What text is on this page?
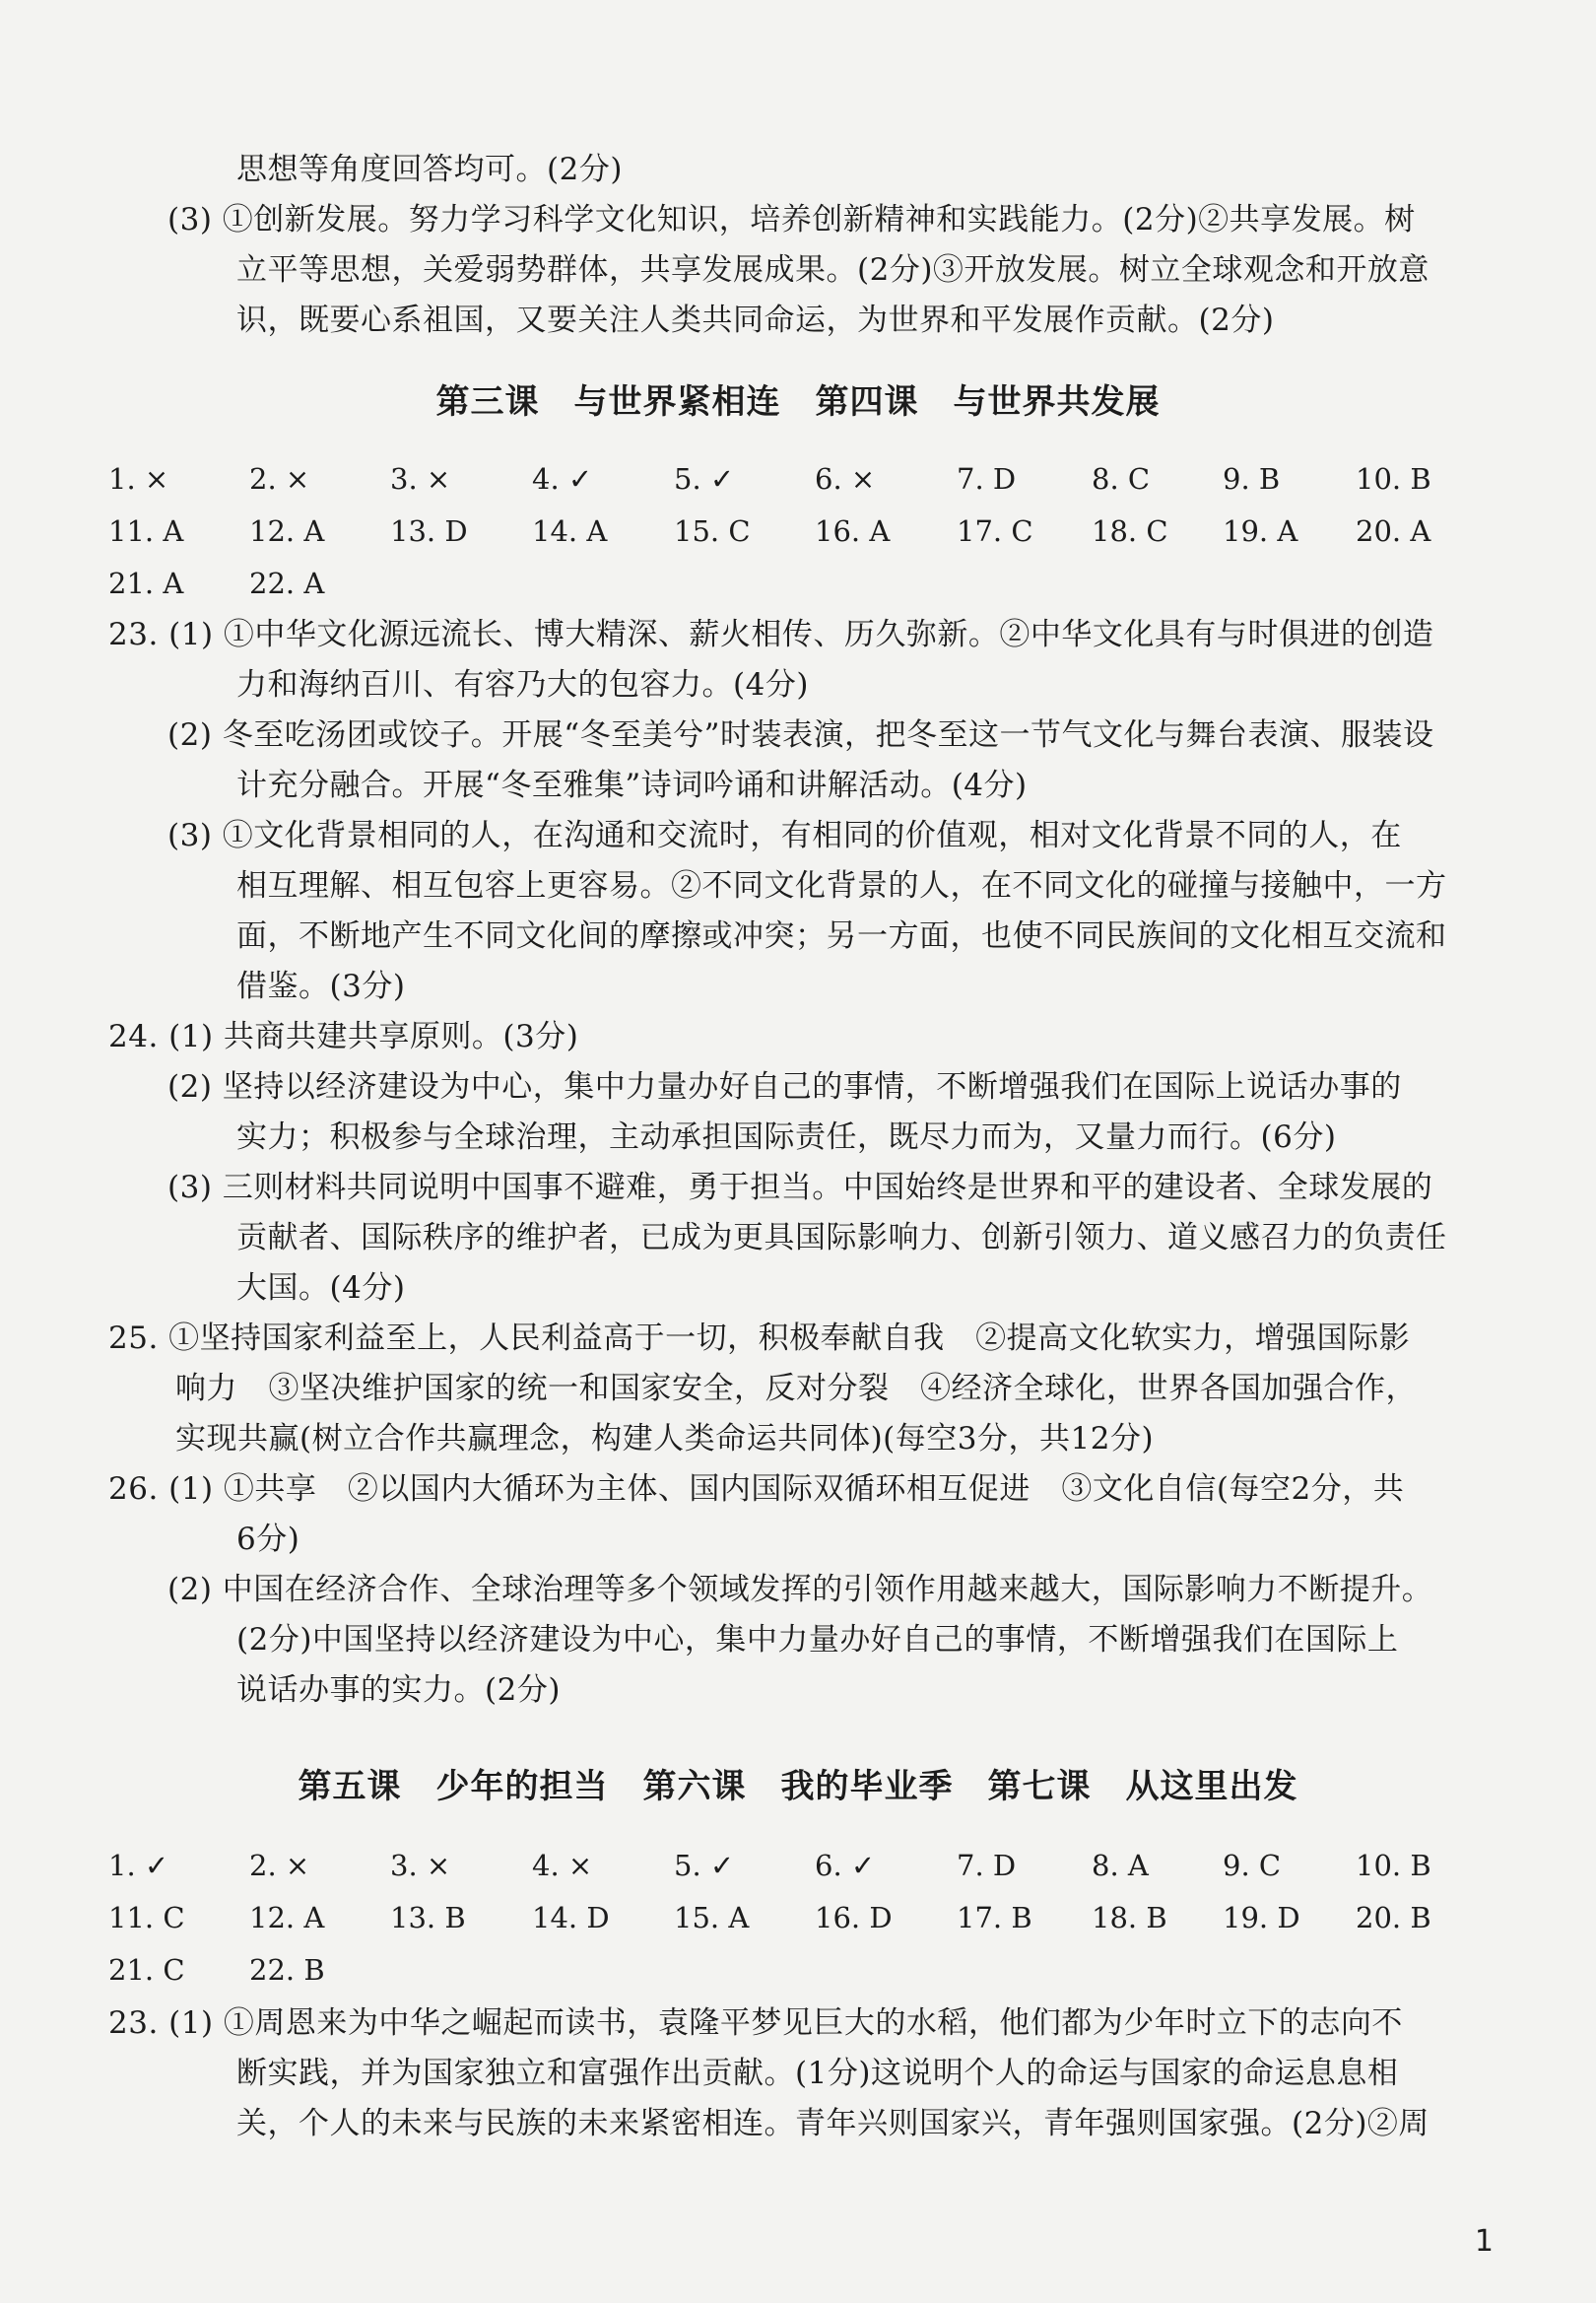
思想等角度回答均可。(2分)
(3) ①创新发展。努力学习科学文化知识，培养创新精神和实践能力。(2分)②共享发展。树
立平等思想，关爱弱势群体，共享发展成果。(2分)③开放发展。树立全球观念和开放意
识，既要心系祖国，又要关注人类共同命运，为世界和平发展作贡献。(2分)
第三课　与世界紧相连　第四课　与世界共发展
1. ×	2. ×	3. ×	4. ✓	5. ✓	6. ×	7. D	8. C	9. B	10. B
11. A 12. A 13. D 14. A 15. C 16. A 17. C 18. C 19. A 20. A
21. A 22. A
23. (1) ①中华文化源远流长、博大精深、薪火相传、历久弥新。②中华文化具有与时俱进的创造
力和海纳百川、有容乃大的包容力。(4分)
(2) 冬至吃汤团或饺子。开展“冬至美兮”时装表演，把冬至这一节气文化与舞台表演、服装设
计充分融合。开展“冬至雅集”诗词吟诵和讲解活动。(4分)
(3) ①文化背景相同的人，在沟通和交流时，有相同的价值观，相对文化背景不同的人，在
相互理解、相互包容上更容易。②不同文化背景的人，在不同文化的碰撞与接触中，一方
面，不断地产生不同文化间的摩擦或冲突；另一方面，也使不同民族间的文化相互交流和
借鉴。(3分)
24. (1) 共商共建共享原则。(3分)
(2) 坚持以经济建设为中心，集中力量办好自己的事情，不断增强我们在国际上说话办事的
实力；积极参与全球治理，主动承担国际责任，既尽力而为，又量力而行。(6分)
(3) 三则材料共同说明中国事不避难，勇于担当。中国始终是世界和平的建设者、全球发展的
贡献者、国际秩序的维护者，已成为更具国际影响力、创新引领力、道义感召力的负责任
大国。(4分)
25. ①坚持国家利益至上，人民利益高于一切，积极奉献自我　②提高文化软实力，增强国际影
响力　③坚决维护国家的统一和国家安全，反对分裂　④经济全球化，世界各国加强合作，
实现共赢(树立合作共赢理念，构建人类命运共同体)(每空3分，共12分)
26. (1) ①共享　②以国内大循环为主体、国内国际双循环相互促进　③文化自信(每空2分，共
6分)
(2) 中国在经济合作、全球治理等多个领域发挥的引领作用越来越大，国际影响力不断提升。
(2分)中国坚持以经济建设为中心，集中力量办好自己的事情，不断增强我们在国际上
说话办事的实力。(2分)
第五课　少年的担当　第六课　我的毕业季　第七课　从这里出发
1. ✓	2. ×	3. ×	4. ×	5. ✓	6. ✓	7. D	8. A	9. C	10. B
11. C 12. A 13. B 14. D 15. A 16. D 17. B 18. B 19. D 20. B
21. C 22. B
23. (1) ①周恩来为中华之崛起而读书，袁隆平梦见巨大的水稻，他们都为少年时立下的志向不
断实践，并为国家独立和富强作出贡献。(1分)这说明个人的命运与国家的命运息息相
关，个人的未来与民族的未来紧密相连。青年兴则国家兴，青年强则国家强。(2分)②周
1
